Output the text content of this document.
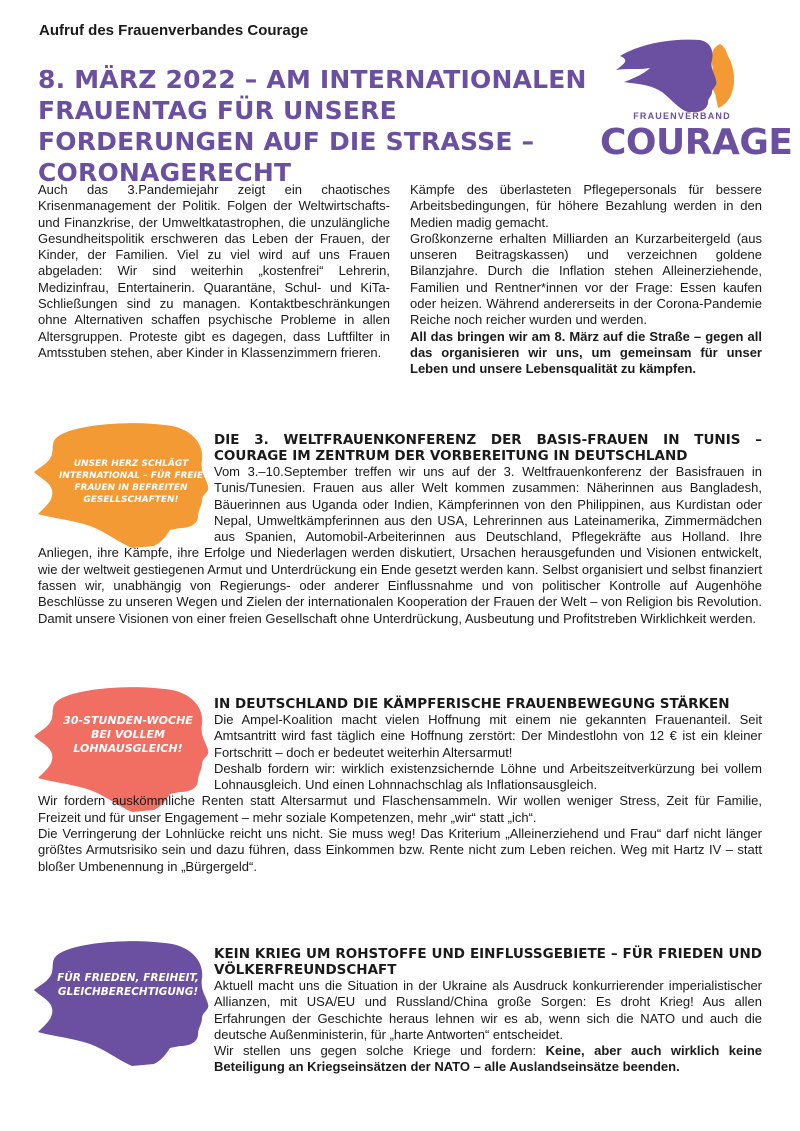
Aufruf des Frauenverbandes Courage
8. MÄRZ 2022 – AM INTERNATIONALEN FRAUENTAG FÜR UNSERE FORDERUNGEN AUF DIE STRASSE – CORONAGERECHT
FRAUENVERBAND
COURAGE

Auch das 3.Pandemiejahr zeigt ein chaotisches Krisenmanagement der Politik. Folgen der Weltwirtschafts- und Finanzkrise, der Umweltkatastrophen, die unzulängliche Gesundheitspolitik erschweren das Leben der Frauen, der Kinder, der Familien. Viel zu viel wird auf uns Frauen abgeladen: Wir sind weiterhin „kostenfrei“ Lehrerin, Medizinfrau, Entertainerin. Quarantäne, Schul- und KiTa-Schließungen sind zu managen. Kontaktbeschränkungen ohne Alternativen schaffen psychische Probleme in allen Altersgruppen. Proteste gibt es dagegen, dass Luftfilter in Amtsstuben stehen, aber Kinder in Klassenzimmern frieren.

Kämpfe des überlasteten Pflegepersonals für bessere Arbeitsbedingungen, für höhere Bezahlung werden in den Medien madig gemacht.

Großkonzerne erhalten Milliarden an Kurzarbeitergeld (aus unseren Beitragskassen) und verzeichnen goldene Bilanzjahre. Durch die Inflation stehen Alleinerziehende, Familien und Rentner*innen vor der Frage: Essen kaufen oder heizen. Während andererseits in der Corona-Pandemie Reiche noch reicher wurden und werden.

All das bringen wir am 8. März auf die Straße – gegen all das organisieren wir uns, um gemeinsam für unser Leben und unsere Lebensqualität zu kämpfen.

UNSER HERZ SCHLÄGT INTERNATIONAL – FÜR FREIE FRAUEN IN BEFREITEN GESELLSCHAFTEN!
DIE 3. WELTFRAUENKONFERENZ DER BASIS-FRAUEN IN TUNIS – COURAGE IM ZENTRUM DER VORBEREITUNG IN DEUTSCHLAND

Vom 3.–10.September treffen wir uns auf der 3. Weltfrauenkonferenz der Basisfrauen in Tunis/Tunesien. Frauen aus aller Welt kommen zusammen: Näherinnen aus Bangladesh, Bäuerinnen aus Uganda oder Indien, Kämpferinnen von den Philippinen, aus Kurdistan oder Nepal, Umweltkämpferinnen aus den USA, Lehrerinnen aus Lateinamerika, Zimmermädchen aus Spanien, Automobil-Arbeiterinnen aus Deutschland, Pflegekräfte aus Holland. Ihre Anliegen, ihre Kämpfe, ihre Erfolge und Niederlagen werden diskutiert, Ursachen herausgefunden und Visionen entwickelt, wie der weltweit gestiegenen Armut und Unterdrückung ein Ende gesetzt werden kann. Selbst organisiert und selbst finanziert fassen wir, unabhängig von Regierungs- oder anderer Einflussnahme und von politischer Kontrolle auf Augenhöhe Beschlüsse zu unseren Wegen und Zielen der internationalen Kooperation der Frauen der Welt – von Religion bis Revolution. Damit unsere Visionen von einer freien Gesellschaft ohne Unterdrückung, Ausbeutung und Profitstreben Wirklichkeit werden.

30-STUNDEN-WOCHE BEI VOLLEM LOHNAUSGLEICH!
IN DEUTSCHLAND DIE KÄMPFERISCHE FRAUENBEWEGUNG STÄRKEN

Die Ampel-Koalition macht vielen Hoffnung mit einem nie gekannten Frauenanteil. Seit Amtsantritt wird fast täglich eine Hoffnung zerstört: Der Mindestlohn von 12 € ist ein kleiner Fortschritt – doch er bedeutet weiterhin Altersarmut!

Deshalb fordern wir: wirklich existenzsichernde Löhne und Arbeitszeitverkürzung bei vollem Lohnausgleich. Und einen Lohnnachschlag als Inflationsausgleich.

Wir fordern auskömmliche Renten statt Altersarmut und Flaschensammeln. Wir wollen weniger Stress, Zeit für Familie, Freizeit und für unser Engagement – mehr soziale Kompetenzen, mehr „wir“ statt „ich“.

Die Verringerung der Lohnlücke reicht uns nicht. Sie muss weg! Das Kriterium „Alleinerziehend und Frau“ darf nicht länger größtes Armutsrisiko sein und dazu führen, dass Einkommen bzw. Rente nicht zum Leben reichen. Weg mit Hartz IV – statt bloßer Umbenennung in „Bürgergeld“.

FÜR FRIEDEN, FREIHEIT, GLEICHBERECHTIGUNG!
KEIN KRIEG UM ROHSTOFFE UND EINFLUSSGEBIETE – FÜR FRIEDEN UND VÖLKERFREUNDSCHAFT

Aktuell macht uns die Situation in der Ukraine als Ausdruck konkurrierender imperialistischer Allianzen, mit USA/EU und Russland/China große Sorgen: Es droht Krieg! Aus allen Erfahrungen der Geschichte heraus lehnen wir es ab, wenn sich die NATO und auch die deutsche Außenministerin, für „harte Antworten“ entscheidet.

Wir stellen uns gegen solche Kriege und fordern: Keine, aber auch wirklich keine Beteiligung an Kriegseinsätzen der NATO – alle Auslandseinsätze beenden.
